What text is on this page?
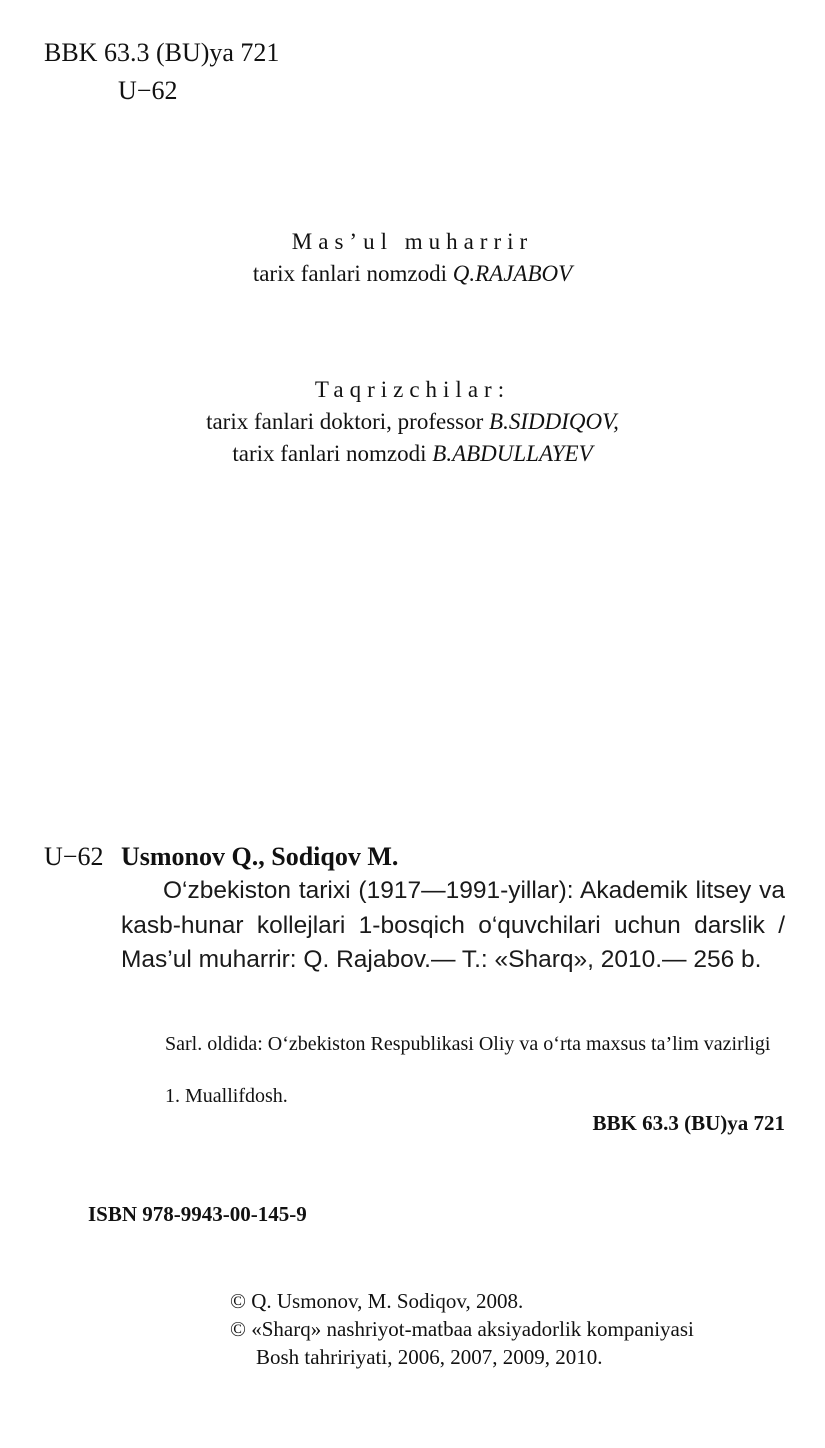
BBK 63.3 (BU)ya 721
U−62
Mas’ul muharrir
tarix fanlari nomzodi Q.RAJABOV
Taqrizchilar:
tarix fanlari doktori, professor B.SIDDIQOV,
tarix fanlari nomzodi B.ABDULLAYEV
U−62 Usmonov Q., Sodiqov M.
O‘zbekiston tarixi (1917—1991-yillar): Akademik litsey va kasb-hunar kollejlari 1-bosqich o‘quvchilari uchun darslik / Mas’ul muharrir: Q. Rajabov.— T.: «Sharq», 2010.— 256 b.
Sarl. oldida: O‘zbekiston Respublikasi Oliy va o‘rta maxsus ta’lim vazirligi
1. Muallifdosh.
BBK 63.3 (BU)ya 721
ISBN 978-9943-00-145-9
© Q. Usmonov, M. Sodiqov, 2008.
© «Sharq» nashriyot-matbaa aksiyadorlik kompaniyasi
Bosh tahririyati, 2006, 2007, 2009, 2010.
